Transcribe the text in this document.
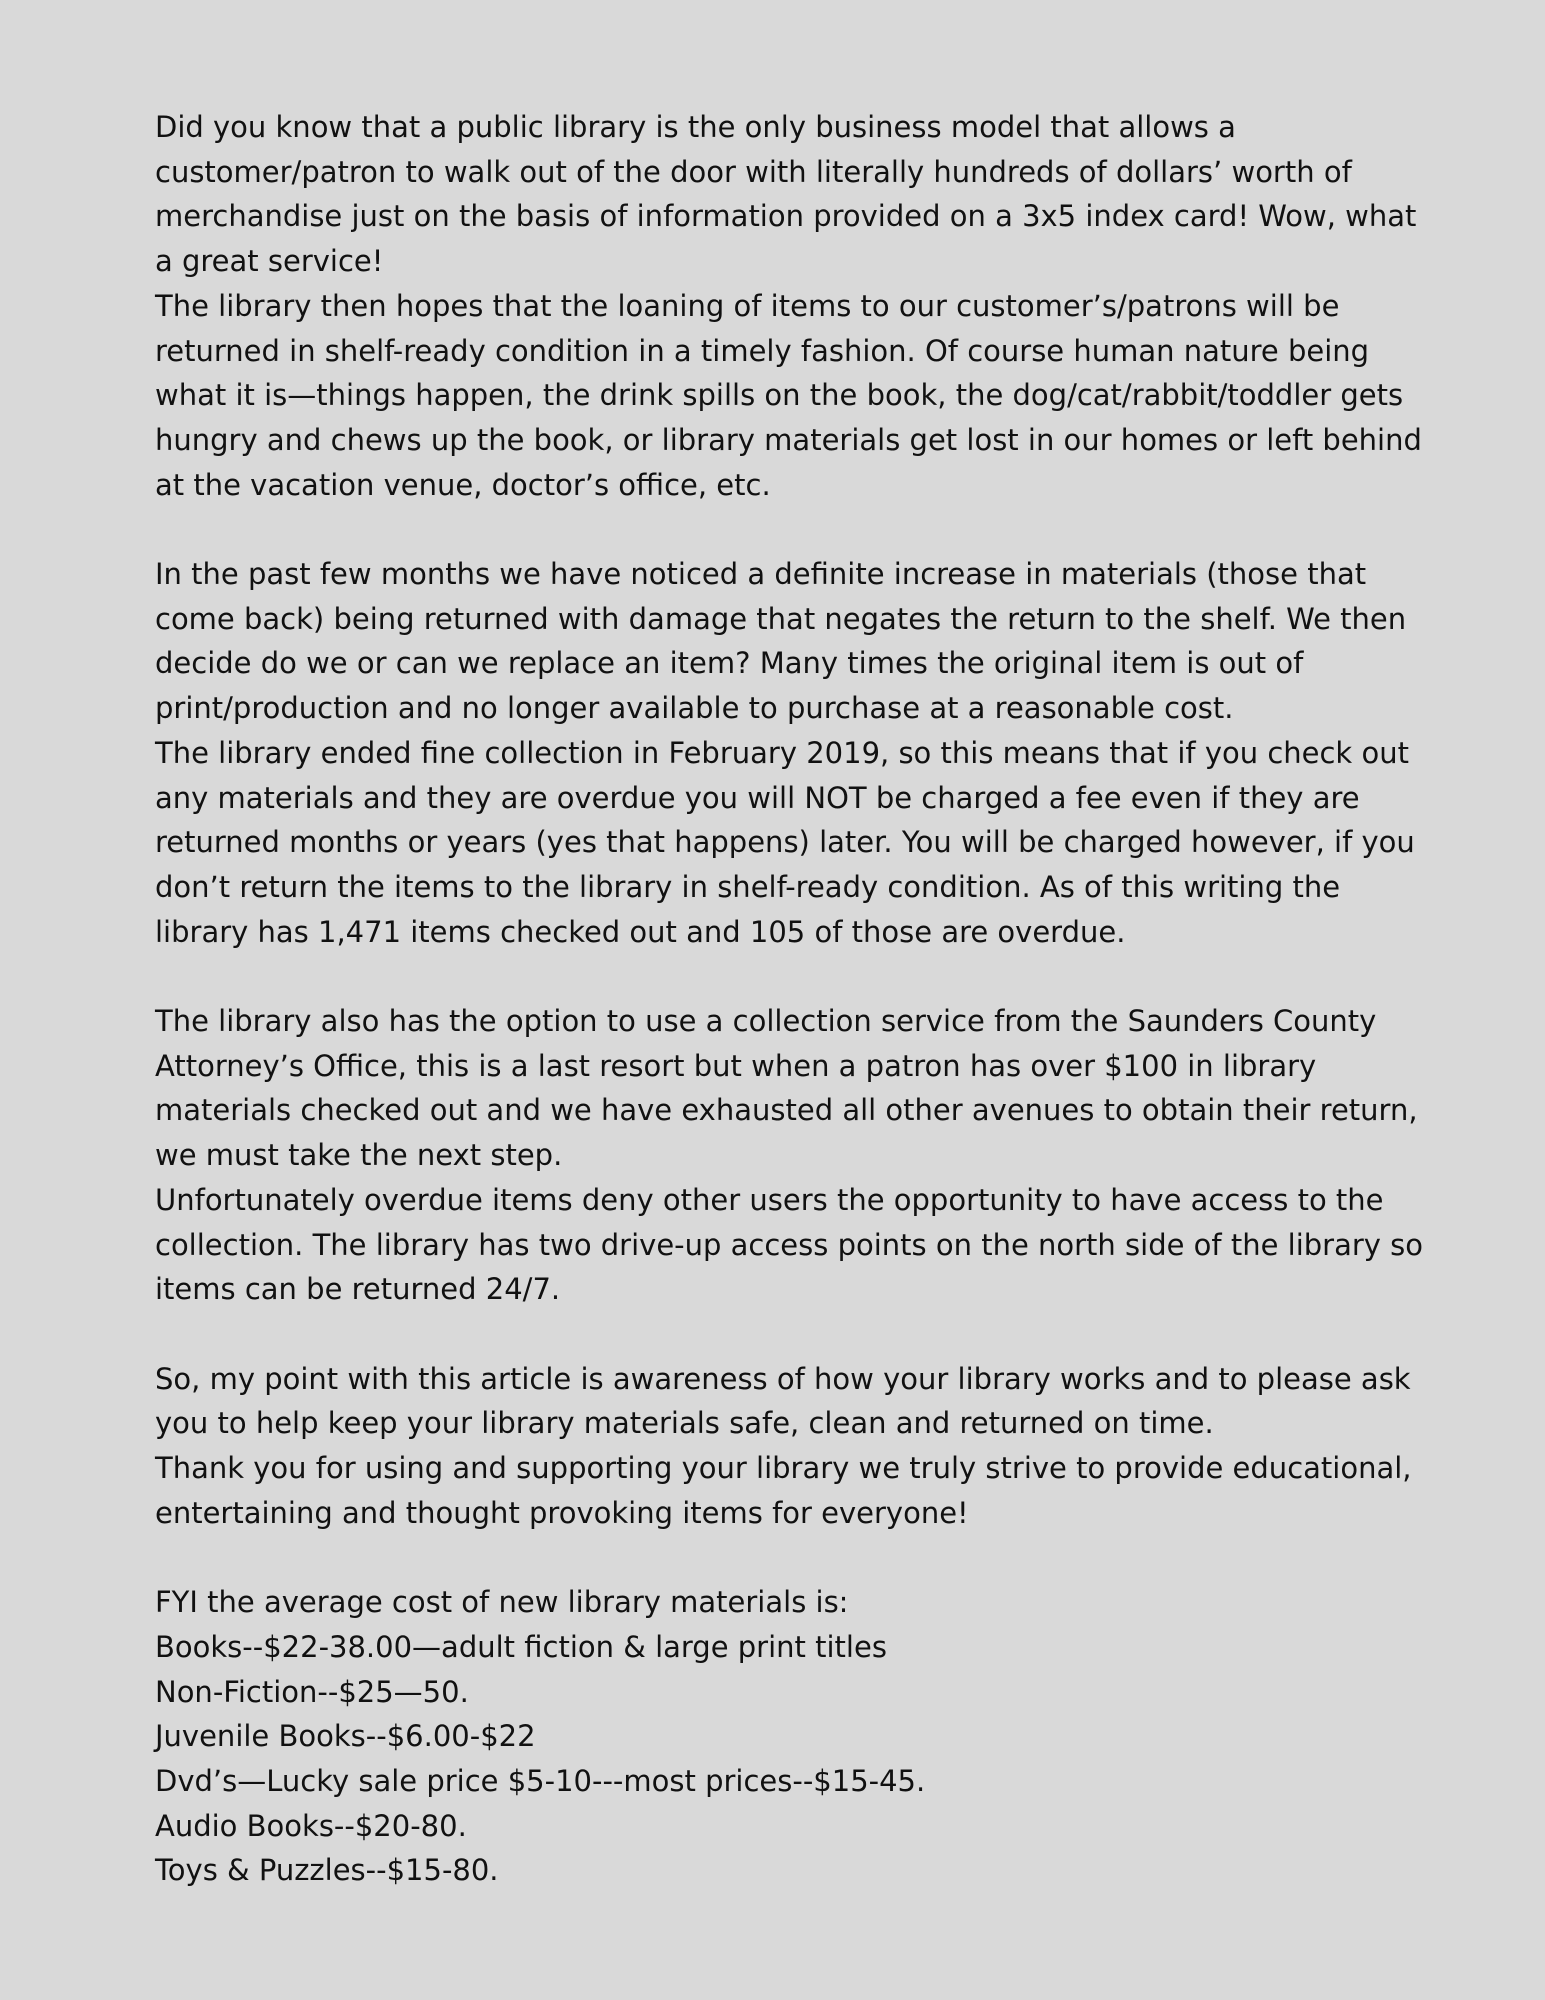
Did you know that a public library is the only business model that allows a customer/patron to walk out of the door with literally hundreds of dollars’ worth of merchandise just on the basis of information provided on a 3x5 index card! Wow, what a great service!

The library then hopes that the loaning of items to our customer’s/patrons will be returned in shelf-ready condition in a timely fashion. Of course human nature being what it is—things happen, the drink spills on the book, the dog/cat/rabbit/toddler gets hungry and chews up the book, or library materials get lost in our homes or left behind at the vacation venue, doctor’s office, etc.

In the past few months we have noticed a definite increase in materials (those that come back) being returned with damage that negates the return to the shelf. We then decide do we or can we replace an item? Many times the original item is out of print/production and no longer available to purchase at a reasonable cost.

The library ended fine collection in February 2019, so this means that if you check out any materials and they are overdue you will NOT be charged a fee even if they are returned months or years (yes that happens) later. You will be charged however, if you don’t return the items to the library in shelf-ready condition. As of this writing the library has 1,471 items checked out and 105 of those are overdue.

The library also has the option to use a collection service from the Saunders County Attorney’s Office, this is a last resort but when a patron has over $100 in library materials checked out and we have exhausted all other avenues to obtain their return, we must take the next step.

Unfortunately overdue items deny other users the opportunity to have access to the collection. The library has two drive-up access points on the north side of the library so items can be returned 24/7.

So, my point with this article is awareness of how your library works and to please ask you to help keep your library materials safe, clean and returned on time.

Thank you for using and supporting your library we truly strive to provide educational, entertaining and thought provoking items for everyone!

FYI the average cost of new library materials is:

Books--$22-38.00—adult fiction & large print titles
Non-Fiction--$25—50.
Juvenile Books--$6.00-$22
Dvd’s—Lucky sale price $5-10---most prices--$15-45.
Audio Books--$20-80.
Toys & Puzzles--$15-80.
